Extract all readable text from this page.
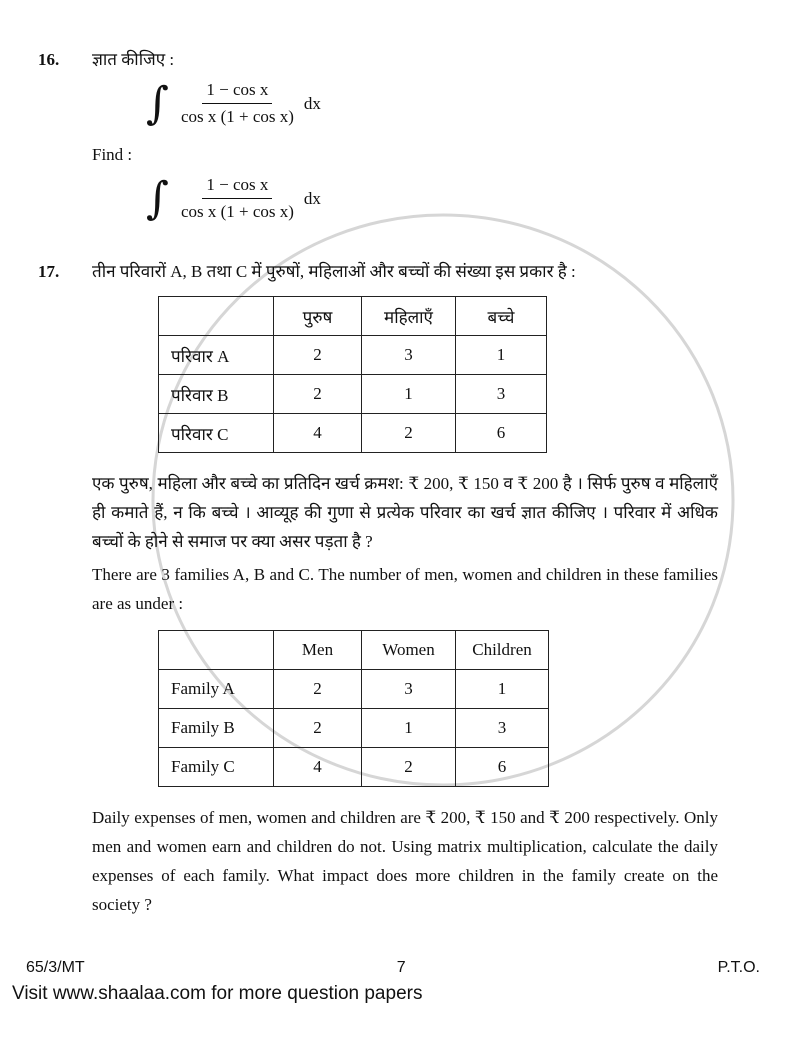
16.	ज्ञात कीजिए :
∫ $\frac{\text{1 − cos x}}{\text{cos x (1 + cos x)}}$ dx
Find :
∫ $\frac{\text{1 − cos x}}{\text{cos x (1 + cos x)}}$ dx
17.	तीन परिवारों A, B तथा C में पुरुषों, महिलाओं और बच्चों की संख्या इस प्रकार है :
	पुरुष	महिलाएँ	बच्चे
परिवार A	2	3	1
परिवार B	2	1	3
परिवार C	4	2	6
एक पुरुष, महिला और बच्चे का प्रतिदिन खर्च क्रमश: ₹ 200, ₹ 150 व ₹ 200 है । सिर्फ पुरुष व महिलाएँ ही कमाते हैं, न कि बच्चे । आव्यूह की गुणा से प्रत्येक परिवार का खर्च ज्ञात कीजिए । परिवार में अधिक बच्चों के होने से समाज पर क्या असर पड़ता है ?
There are 3 families A, B and C. The number of men, women and children in these families are as under :
	Men	Women	Children
Family A	2	3	1
Family B	2	1	3
Family C	4	2	6
Daily expenses of men, women and children are ₹ 200, ₹ 150 and ₹ 200 respectively. Only men and women earn and children do not. Using matrix multiplication, calculate the daily expenses of each family. What impact does more children in the family create on the society ?
65/3/MT	7	P.T.O.
Visit www.shaalaa.com for more question papers
